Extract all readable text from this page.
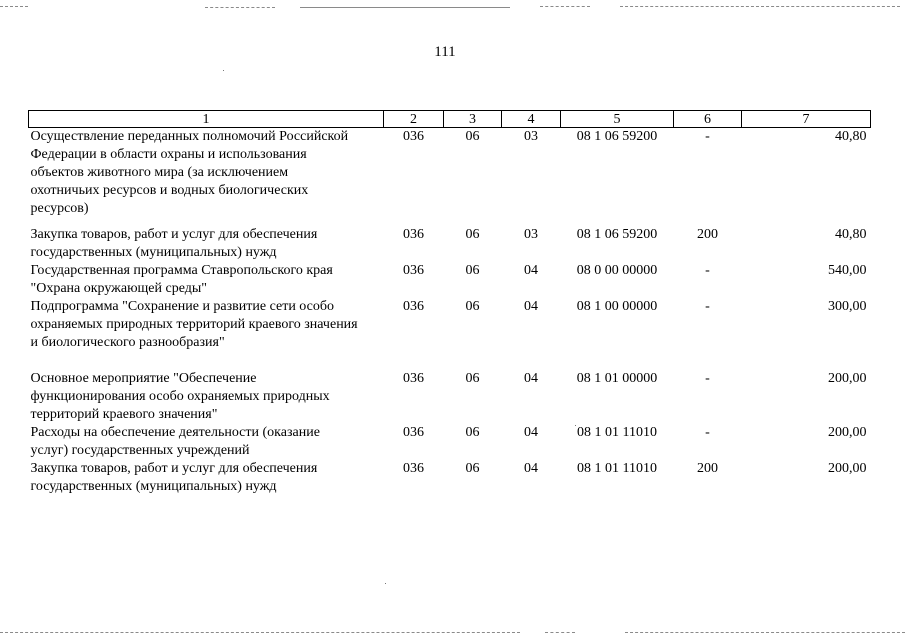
111
1	2	3	4	5	6	7
Осуществление переданных полномочий Российской Федерации в области охраны и использования объектов животного мира (за исключением охотничьих ресурсов и водных биологических ресурсов)	036	06	03	08 1 06 59200	-	40,80
Закупка товаров, работ и услуг для обеспечения государственных (муниципальных) нужд	036	06	03	08 1 06 59200	200	40,80
Государственная программа Ставропольского края "Охрана окружающей среды"	036	06	04	08 0 00 00000	-	540,00
Подпрограмма "Сохранение и развитие сети особо охраняемых природных территорий краевого значения и биологического разнообразия"	036	06	04	08 1 00 00000	-	300,00

Основное мероприятие "Обеспечение функционирования особо охраняемых природных территорий краевого значения"	036	06	04	08 1 01 00000	-	200,00
Расходы на обеспечение деятельности (оказание услуг) государственных учреждений	036	06	04	08 1 01 11010	-	200,00
Закупка товаров, работ и услуг для обеспечения государственных (муниципальных) нужд	036	06	04	08 1 01 11010	200	200,00
